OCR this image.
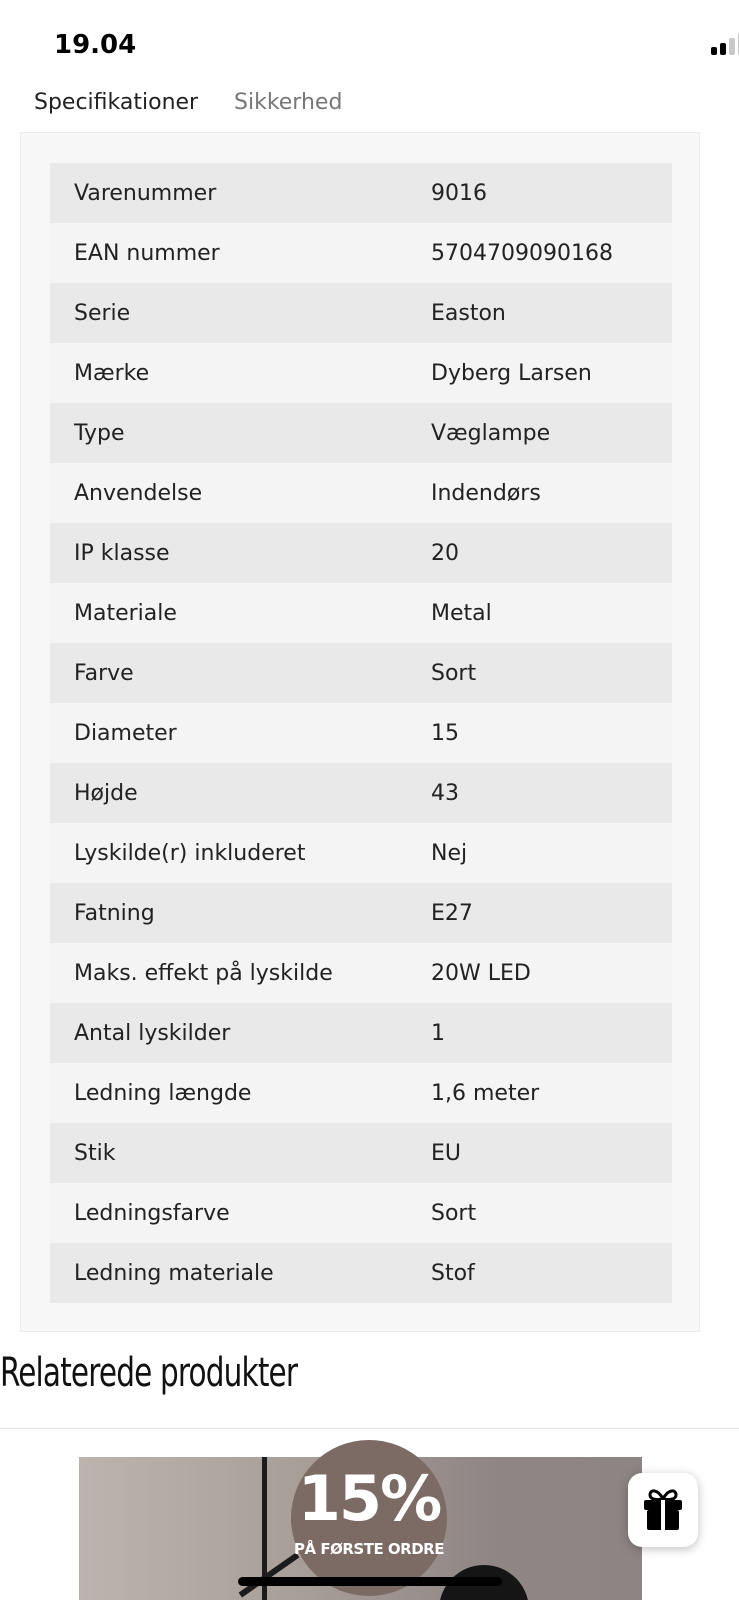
19.04
Specifikationer	Sikkerhed
Varenummer	9016
EAN nummer	5704709090168
Serie	Easton
Mærke	Dyberg Larsen
Type	Væglampe
Anvendelse	Indendørs
IP klasse	20
Materiale	Metal
Farve	Sort
Diameter	15
Højde	43
Lyskilde(r) inkluderet	Nej
Fatning	E27
Maks. effekt på lyskilde	20W LED
Antal lyskilder	1
Ledning længde	1,6 meter
Stik	EU
Ledningsfarve	Sort
Ledning materiale	Stof
Relaterede produkter
15%
PÅ FØRSTE ORDRE
